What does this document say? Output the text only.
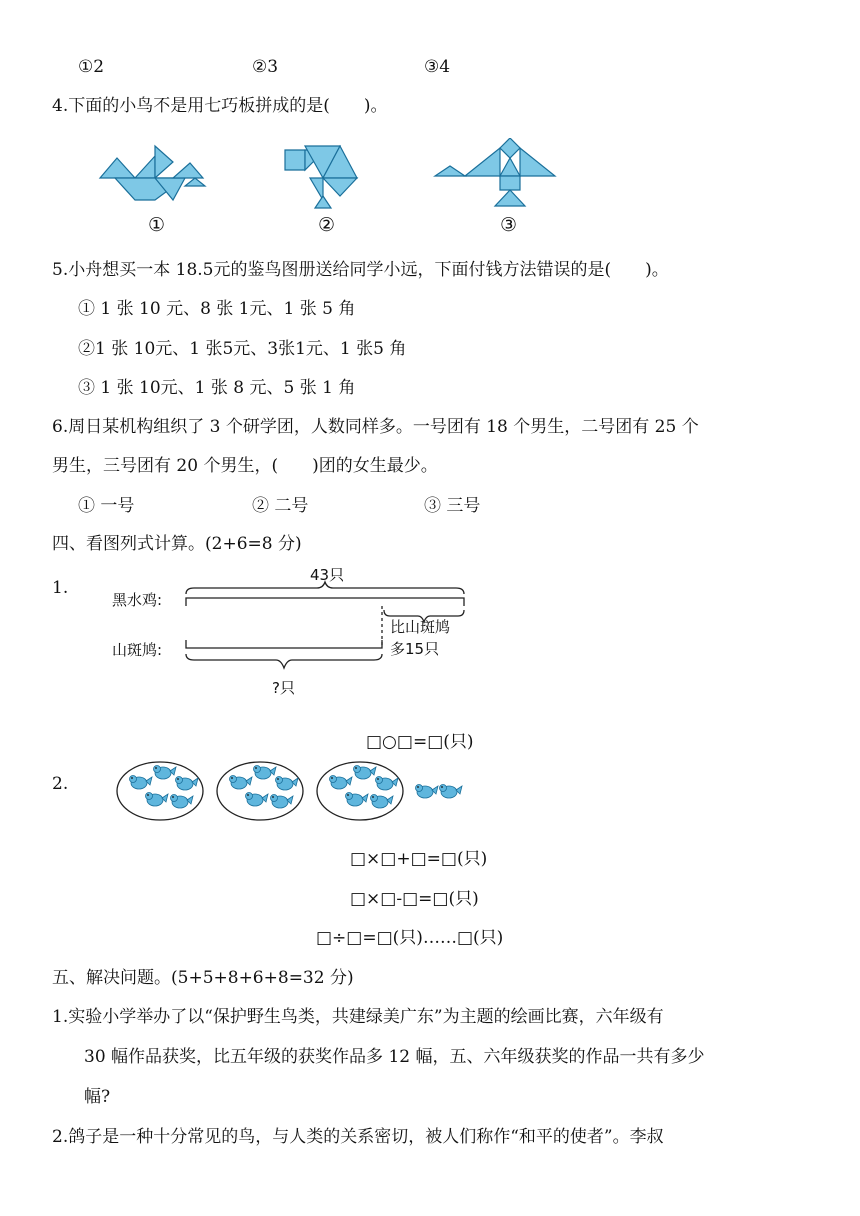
①2	②3	③4
4.下面的小鸟不是用七巧板拼成的是(　　)。
①	②	③
5.小舟想买一本 18.5元的鉴鸟图册送给同学小远，下面付钱方法错误的是(　　)。
① 1 张 10 元、8 张 1元、1 张 5 角
②1 张 10元、1 张5元、3张1元、1 张5 角
③ 1 张 10元、1 张 8 元、5 张 1 角
6.周日某机构组织了 3 个研学团，人数同样多。一号团有 18 个男生，二号团有 25 个
男生，三号团有 20 个男生，(　　)团的女生最少。
① 一号	② 二号	③ 三号
四、看图列式计算。(2+6=8 分)
1.
黑水鸡:
山斑鸠:
43只
比山斑鸠
多15只
?只
□○□=□(只)
2.
□×□+□=□(只)
□×□-□=□(只)
□÷□=□(只)……□(只)
五、解决问题。(5+5+8+6+8=32 分)
1.实验小学举办了以“保护野生鸟类，共建绿美广东”为主题的绘画比赛，六年级有
30 幅作品获奖，比五年级的获奖作品多 12 幅，五、六年级获奖的作品一共有多少
幅?
2.鸽子是一种十分常见的鸟，与人类的关系密切，被人们称作“和平的使者”。李叔
